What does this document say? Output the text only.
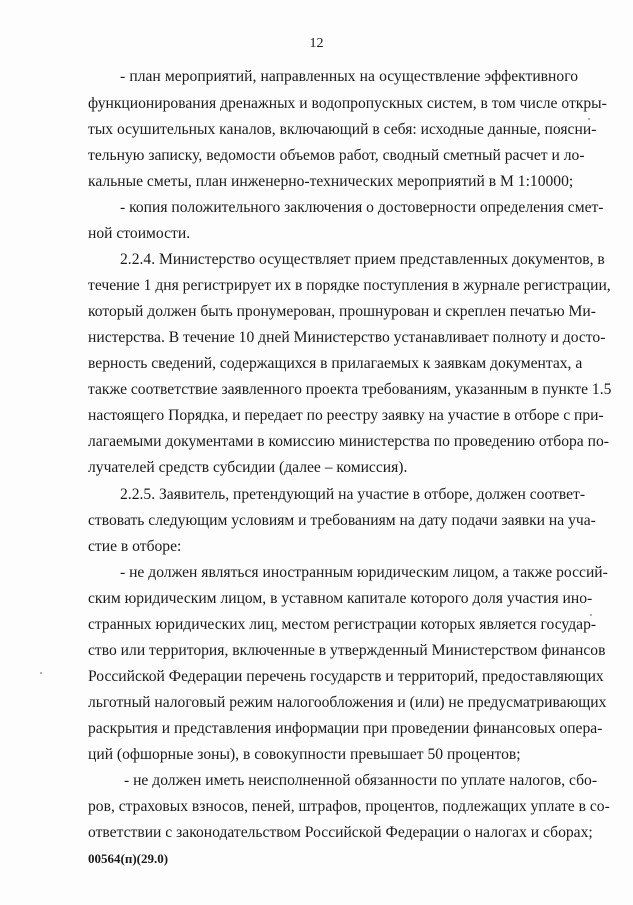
12
- план мероприятий, направленных на осуществление эффективного
функционирования дренажных и водопропускных систем, в том числе откры-
тых осушительных каналов, включающий в себя: исходные данные, поясни-
тельную записку, ведомости объемов работ, сводный сметный расчет и ло-
кальные сметы, план инженерно-технических мероприятий в М 1:10000;
- копия положительного заключения о достоверности определения смет-
ной стоимости.
2.2.4. Министерство осуществляет прием представленных документов, в
течение 1 дня регистрирует их в порядке поступления в журнале регистрации,
который должен быть пронумерован, прошнурован и скреплен печатью Ми-
нистерства. В течение 10 дней Министерство устанавливает полноту и досто-
верность сведений, содержащихся в прилагаемых к заявкам документах, а
также соответствие заявленного проекта требованиям, указанным в пункте 1.5
настоящего Порядка, и передает по реестру заявку на участие в отборе с при-
лагаемыми документами в комиссию министерства по проведению отбора по-
лучателей средств субсидии (далее – комиссия).
2.2.5. Заявитель, претендующий на участие в отборе, должен соответ-
ствовать следующим условиям и требованиям на дату подачи заявки на уча-
стие в отборе:
- не должен являться иностранным юридическим лицом, а также россий-
ским юридическим лицом, в уставном капитале которого доля участия ино-
странных юридических лиц, местом регистрации которых является государ-
ство или территория, включенные в утвержденный Министерством финансов
Российской Федерации перечень государств и территорий, предоставляющих
льготный налоговый режим налогообложения и (или) не предусматривающих
раскрытия и представления информации при проведении финансовых опера-
ций (офшорные зоны), в совокупности превышает 50 процентов;
- не должен иметь неисполненной обязанности по уплате налогов, сбо-
ров, страховых взносов, пеней, штрафов, процентов, подлежащих уплате в со-
ответствии с законодательством Российской Федерации о налогах и сборах;
00564(п)(29.0)
